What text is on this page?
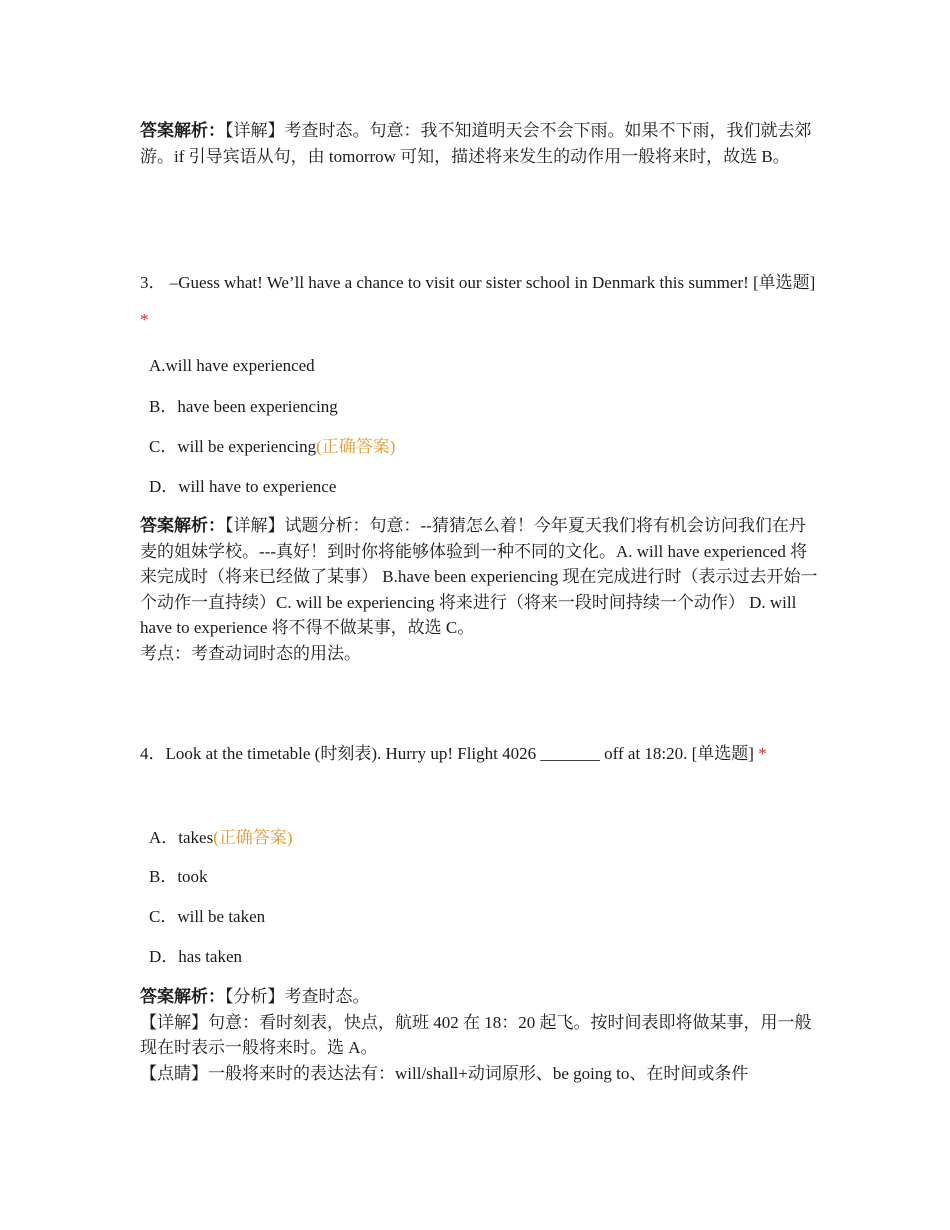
答案解析：【详解】考查时态。句意：我不知道明天会不会下雨。如果不下雨，我们就去郊游。if 引导宾语从句，由 tomorrow 可知，描述将来发生的动作用一般将来时，故选 B。
3． –Guess what! We’ll have a chance to visit our sister school in Denmark this summer! [单选题] *
A.will have experienced
B．have been experiencing
C．will be experiencing(正确答案)
D．will have to experience
答案解析：【详解】试题分析：句意：--猜猜怎么着！今年夏天我们将有机会访问我们在丹麦的姐妹学校。---真好！到时你将能够体验到一种不同的文化。A. will have experienced 将来完成时（将来已经做了某事） B.have been experiencing 现在完成进行时（表示过去开始一个动作一直持续）C. will be experiencing 将来进行（将来一段时间持续一个动作） D. will have to experience 将不得不做某事，故选 C。
考点：考查动词时态的用法。
4．Look at the timetable (时刻表). Hurry up! Flight 4026 _______ off at 18:20. [单选题] *
A．takes(正确答案)
B．took
C．will be taken
D．has taken
答案解析：【分析】考查时态。
【详解】句意：看时刻表，快点，航班 402 在 18：20 起飞。按时间表即将做某事，用一般现在时表示一般将来时。选 A。
【点睛】一般将来时的表达法有：will/shall+动词原形、be going to、在时间或条件
